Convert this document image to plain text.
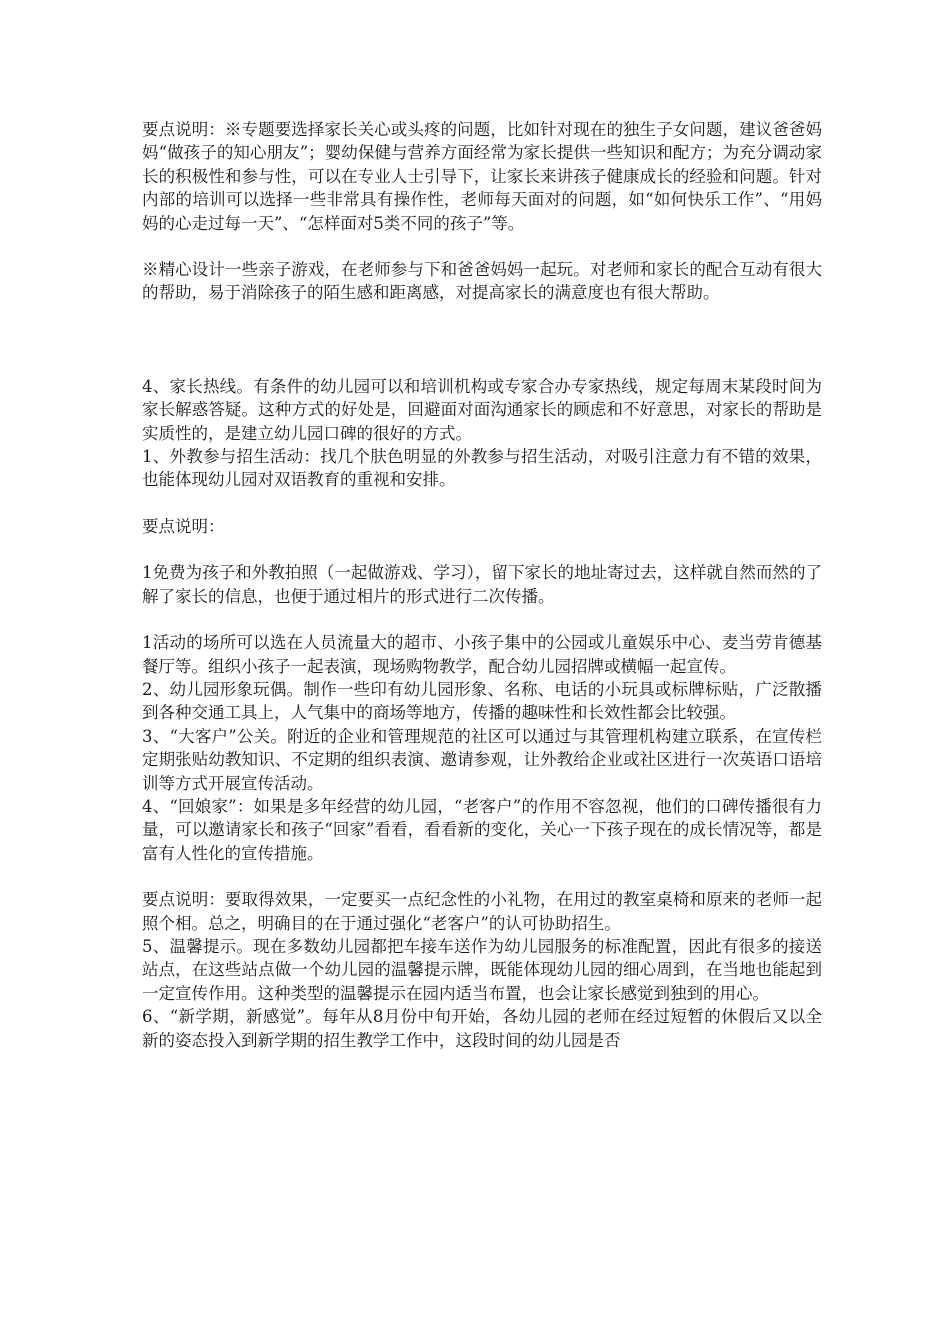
要点说明：※专题要选择家长关心或头疼的问题，比如针对现在的独生子女问题，建议爸爸妈妈“做孩子的知心朋友”；婴幼保健与营养方面经常为家长提供一些知识和配方；为充分调动家长的积极性和参与性，可以在专业人士引导下，让家长来讲孩子健康成长的经验和问题。针对内部的培训可以选择一些非常具有操作性，老师每天面对的问题，如“如何快乐工作”、“用妈妈的心走过每一天”、“怎样面对5类不同的孩子”等。

※精心设计一些亲子游戏，在老师参与下和爸爸妈妈一起玩。对老师和家长的配合互动有很大的帮助，易于消除孩子的陌生感和距离感，对提高家长的满意度也有很大帮助。

4、家长热线。有条件的幼儿园可以和培训机构或专家合办专家热线，规定每周末某段时间为家长解惑答疑。这种方式的好处是，回避面对面沟通家长的顾虑和不好意思，对家长的帮助是实质性的，是建立幼儿园口碑的很好的方式。

1、外教参与招生活动：找几个肤色明显的外教参与招生活动，对吸引注意力有不错的效果，也能体现幼儿园对双语教育的重视和安排。

要点说明：

1免费为孩子和外教拍照（一起做游戏、学习），留下家长的地址寄过去，这样就自然而然的了解了家长的信息，也便于通过相片的形式进行二次传播。

1活动的场所可以选在人员流量大的超市、小孩子集中的公园或儿童娱乐中心、麦当劳肯德基餐厅等。组织小孩子一起表演，现场购物教学，配合幼儿园招牌或横幅一起宣传。

2、幼儿园形象玩偶。制作一些印有幼儿园形象、名称、电话的小玩具或标牌标贴，广泛散播到各种交通工具上，人气集中的商场等地方，传播的趣味性和长效性都会比较强。

3、“大客户”公关。附近的企业和管理规范的社区可以通过与其管理机构建立联系，在宣传栏定期张贴幼教知识、不定期的组织表演、邀请参观，让外教给企业或社区进行一次英语口语培训等方式开展宣传活动。

4、“回娘家”：如果是多年经营的幼儿园，“老客户”的作用不容忽视，他们的口碑传播很有力量，可以邀请家长和孩子“回家”看看，看看新的变化，关心一下孩子现在的成长情况等，都是富有人性化的宣传措施。

要点说明：要取得效果，一定要买一点纪念性的小礼物，在用过的教室桌椅和原来的老师一起照个相。总之，明确目的在于通过强化“老客户”的认可协助招生。

5、温馨提示。现在多数幼儿园都把车接车送作为幼儿园服务的标准配置，因此有很多的接送站点，在这些站点做一个幼儿园的温馨提示牌，既能体现幼儿园的细心周到，在当地也能起到一定宣传作用。这种类型的温馨提示在园内适当布置，也会让家长感觉到独到的用心。

6、“新学期，新感觉”。每年从8月份中旬开始，各幼儿园的老师在经过短暂的休假后又以全新的姿态投入到新学期的招生教学工作中，这段时间的幼儿园是否
